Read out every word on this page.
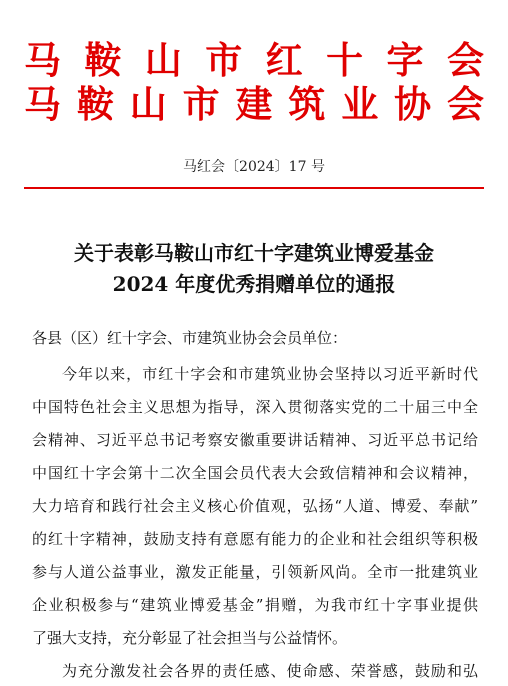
马 鞍 山 市 红 十 字 会
马 鞍 山 市 建 筑 业 协 会
马红会〔2024〕17 号
关于表彰马鞍山市红十字建筑业博爱基金
2024 年度优秀捐赠单位的通报
各县（区）红十字会、市建筑业协会会员单位：
今年以来，市红十字会和市建筑业协会坚持以习近平新时代
中国特色社会主义思想为指导，深入贯彻落实党的二十届三中全
会精神、习近平总书记考察安徽重要讲话精神、习近平总书记给
中国红十字会第十二次全国会员代表大会致信精神和会议精神，
大力培育和践行社会主义核心价值观，弘扬“人道、博爱、奉献”
的红十字精神，鼓励支持有意愿有能力的企业和社会组织等积极
参与人道公益事业，激发正能量，引领新风尚。全市一批建筑业
企业积极参与“建筑业博爱基金”捐赠，为我市红十字事业提供
了强大支持，充分彰显了社会担当与公益情怀。
为充分激发社会各界的责任感、使命感、荣誉感，鼓励和弘
